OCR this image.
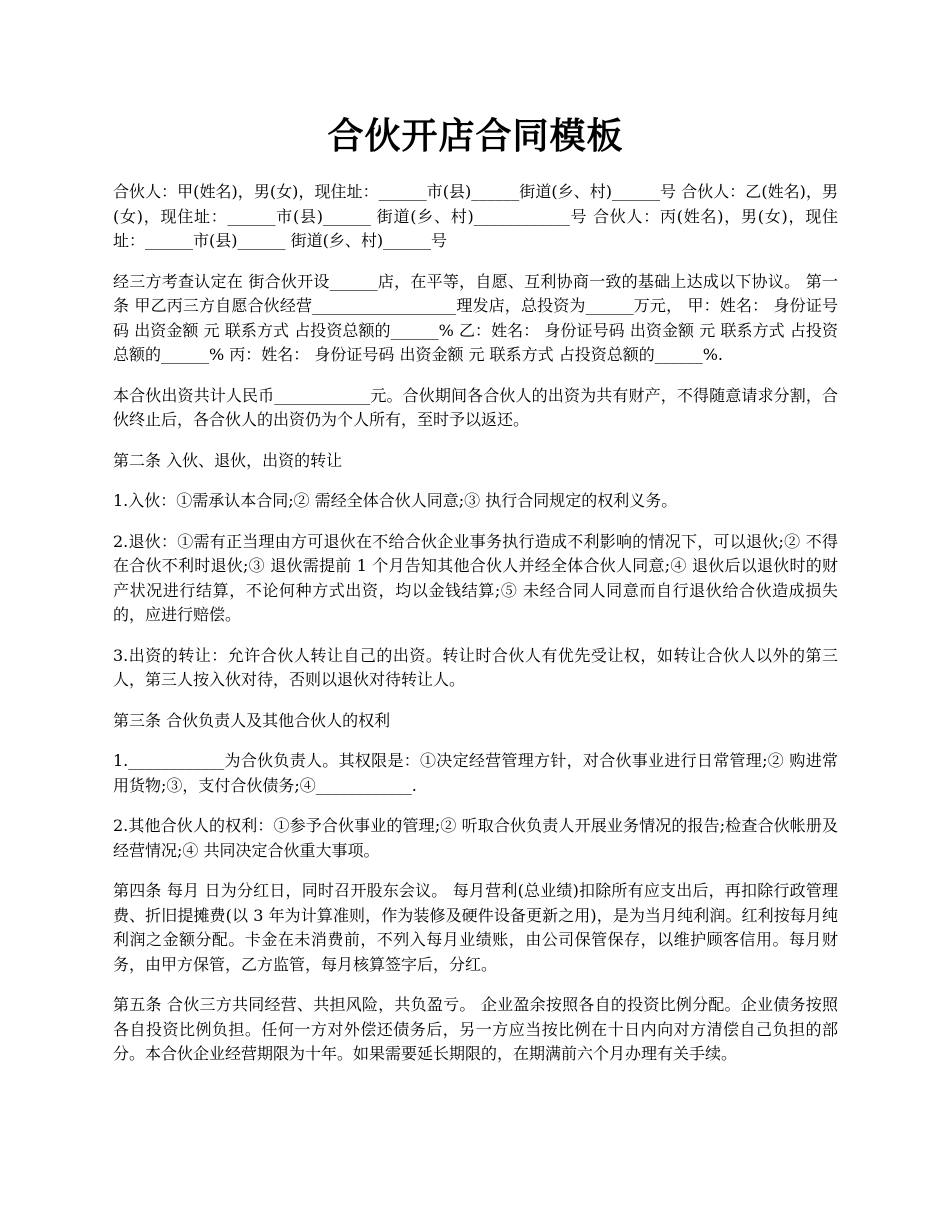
合伙开店合同模板

合伙人：甲(姓名)，男(女)，现住址：______市(县)______街道(乡、村)______号 合伙人：乙(姓名)，男(女)，现住址：______市(县)______ 街道(乡、村)____________号 合伙人：丙(姓名)，男(女)，现住址：______市(县)______ 街道(乡、村)______号

经三方考查认定在 街合伙开设______店，在平等，自愿、互利协商一致的基础上达成以下协议。 第一条 甲乙丙三方自愿合伙经营__________________理发店，总投资为______万元， 甲：姓名： 身份证号码 出资金额 元 联系方式 占投资总额的______% 乙：姓名： 身份证号码 出资金额 元 联系方式 占投资总额的______% 丙：姓名： 身份证号码 出资金额 元 联系方式 占投资总额的______%.

本合伙出资共计人民币____________元。合伙期间各合伙人的出资为共有财产，不得随意请求分割，合伙终止后，各合伙人的出资仍为个人所有，至时予以返还。

第二条 入伙、退伙，出资的转让

1.入伙：①需承认本合同;② 需经全体合伙人同意;③ 执行合同规定的权利义务。

2.退伙：①需有正当理由方可退伙在不给合伙企业事务执行造成不利影响的情况下，可以退伙;② 不得在合伙不利时退伙;③ 退伙需提前 1 个月告知其他合伙人并经全体合伙人同意;④ 退伙后以退伙时的财产状况进行结算，不论何种方式出资，均以金钱结算;⑤ 未经合同人同意而自行退伙给合伙造成损失的，应进行赔偿。

3.出资的转让：允许合伙人转让自己的出资。转让时合伙人有优先受让权，如转让合伙人以外的第三人，第三人按入伙对待，否则以退伙对待转让人。

第三条 合伙负责人及其他合伙人的权利

1.____________为合伙负责人。其权限是：①决定经营管理方针，对合伙事业进行日常管理;② 购进常用货物;③，支付合伙债务;④____________.

2.其他合伙人的权利：①参予合伙事业的管理;② 听取合伙负责人开展业务情况的报告;检查合伙帐册及经营情况;④ 共同决定合伙重大事项。

第四条 每月 日为分红日，同时召开股东会议。 每月营利(总业绩)扣除所有应支出后，再扣除行政管理费、折旧提摊费(以 3 年为计算准则，作为装修及硬件设备更新之用)，是为当月纯利润。红利按每月纯利润之金额分配。卡金在未消费前，不列入每月业绩账，由公司保管保存，以维护顾客信用。每月财务，由甲方保管，乙方监管，每月核算签字后，分红。

第五条 合伙三方共同经营、共担风险，共负盈亏。 企业盈余按照各自的投资比例分配。企业债务按照各自投资比例负担。任何一方对外偿还债务后，另一方应当按比例在十日内向对方清偿自己负担的部分。本合伙企业经营期限为十年。如果需要延长期限的，在期满前六个月办理有关手续。
